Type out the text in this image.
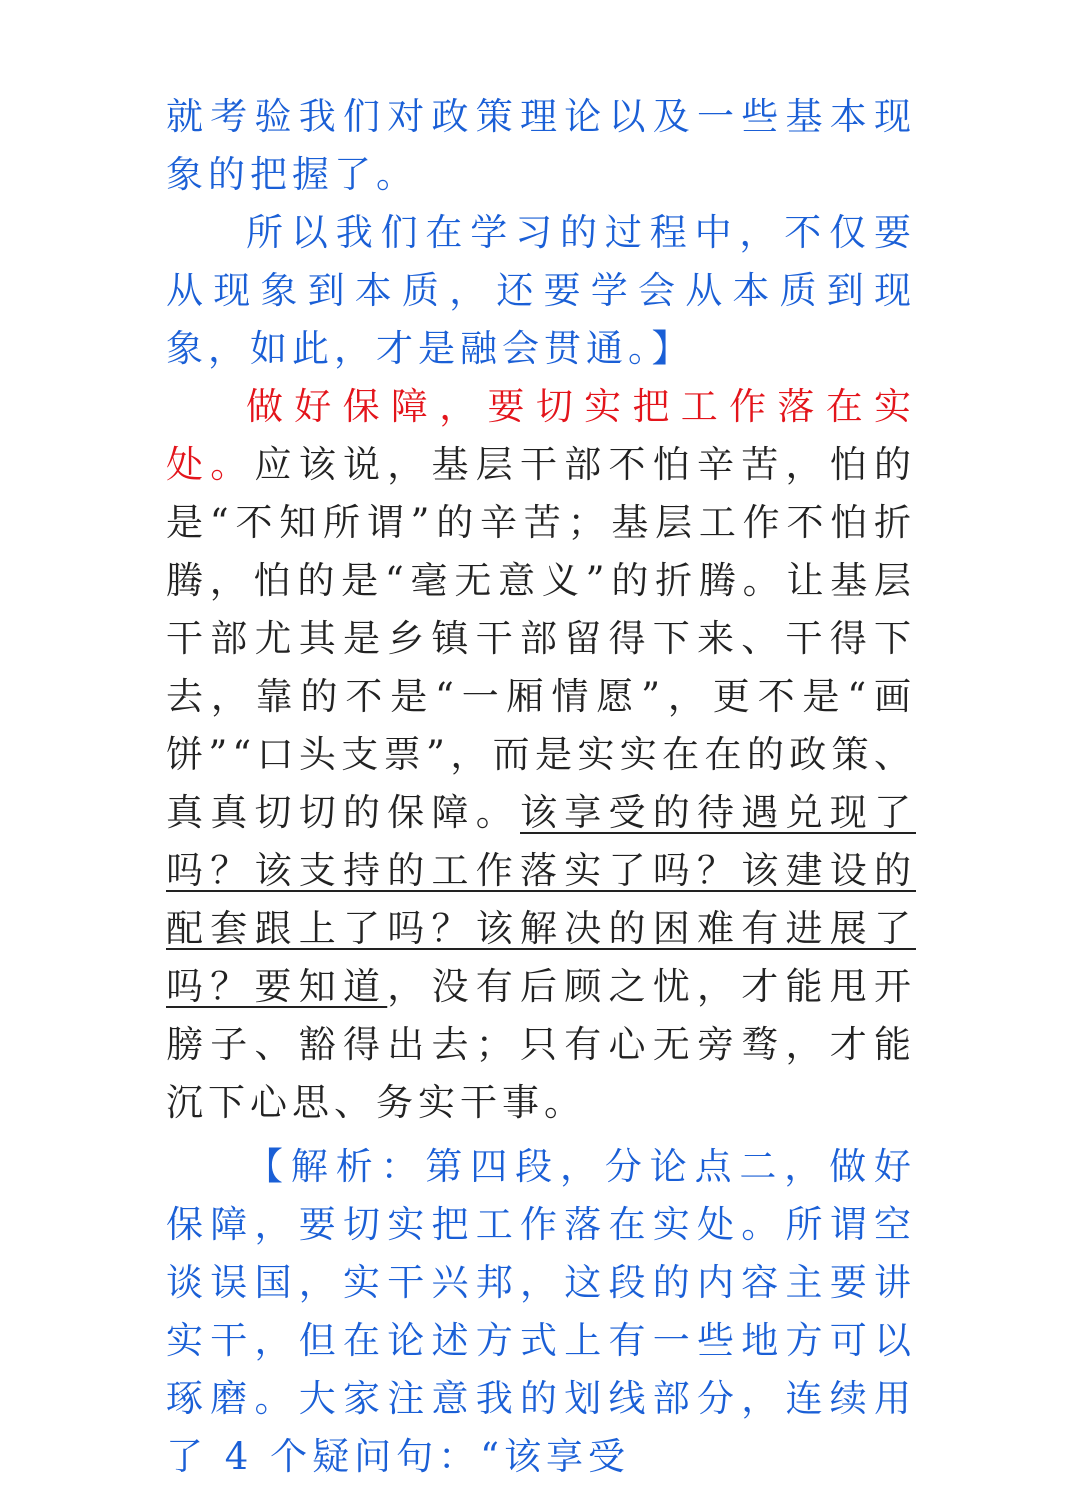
就考验我们对政策理论以及一些基本现象的把握了。

所以我们在学习的过程中，不仅要从现象到本质，还要学会从本质到现象，如此，才是融会贯通。】

做好保障，要切实把工作落在实处。应该说，基层干部不怕辛苦，怕的是“不知所谓”的辛苦；基层工作不怕折腾，怕的是“毫无意义”的折腾。让基层干部尤其是乡镇干部留得下来、干得下去，靠的不是“一厢情愿”，更不是“画饼”“口头支票”，而是实实在在的政策、真真切切的保障。该享受的待遇兑现了吗？该支持的工作落实了吗？该建设的配套跟上了吗？该解决的困难有进展了吗？要知道，没有后顾之忧，才能甩开膀子、豁得出去；只有心无旁骛，才能沉下心思、务实干事。

【解析：第四段，分论点二，做好保障，要切实把工作落在实处。所谓空谈误国，实干兴邦，这段的内容主要讲实干，但在论述方式上有一些地方可以琢磨。大家注意我的划线部分，连续用了 4 个疑问句：“该享受
